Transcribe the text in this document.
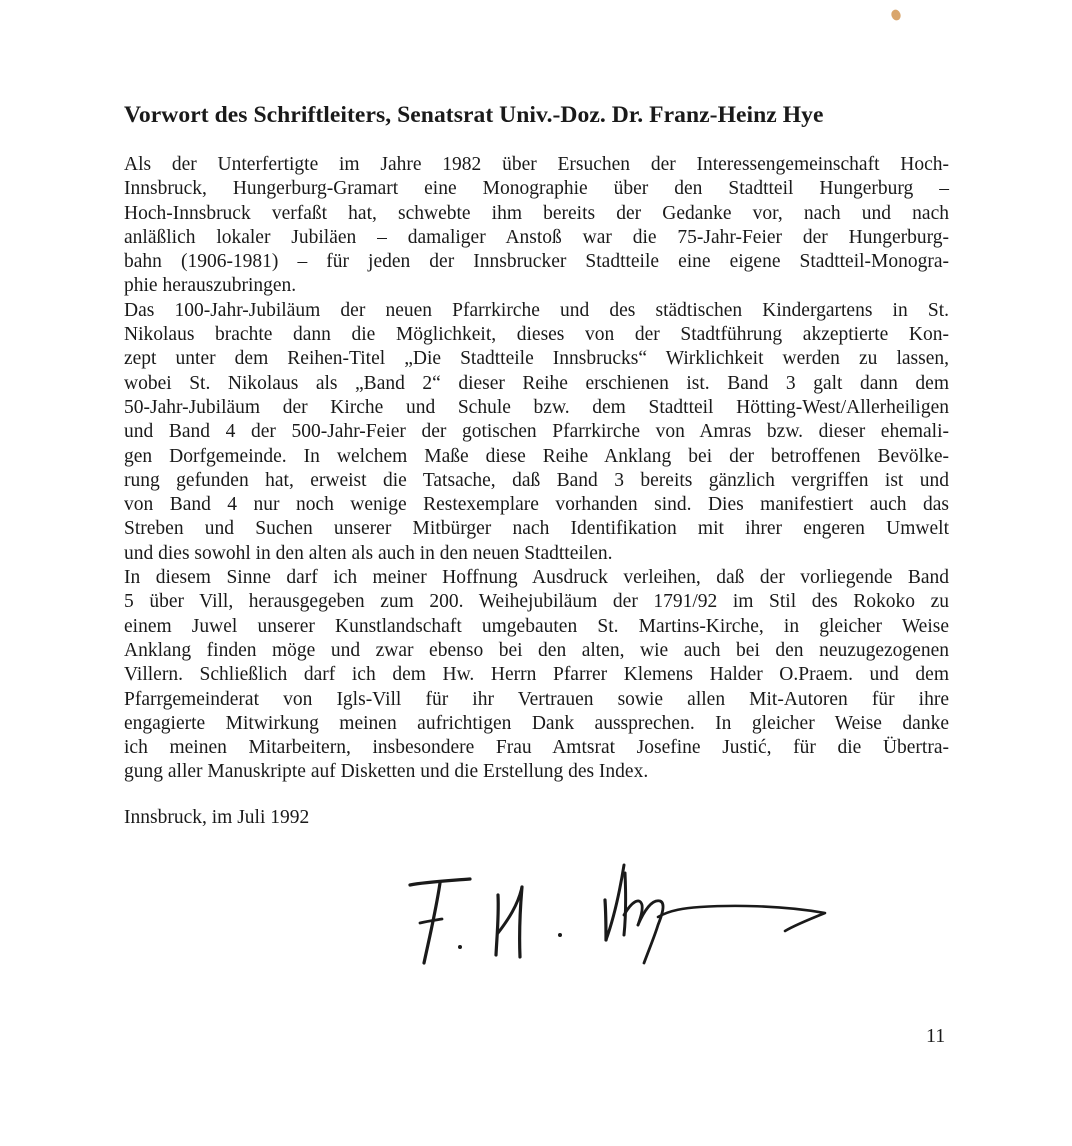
Vorwort des Schriftleiters, Senatsrat Univ.-Doz. Dr. Franz-Heinz Hye
Als der Unterfertigte im Jahre 1982 über Ersuchen der Interessengemeinschaft Hoch-
Innsbruck, Hungerburg-Gramart eine Monographie über den Stadtteil Hungerburg –
Hoch-Innsbruck verfaßt hat, schwebte ihm bereits der Gedanke vor, nach und nach
anläßlich lokaler Jubiläen – damaliger Anstoß war die 75-Jahr-Feier der Hungerburg-
bahn (1906-1981) – für jeden der Innsbrucker Stadtteile eine eigene Stadtteil-Monogra-
phie herauszubringen.
Das 100-Jahr-Jubiläum der neuen Pfarrkirche und des städtischen Kindergartens in St.
Nikolaus brachte dann die Möglichkeit, dieses von der Stadtführung akzeptierte Kon-
zept unter dem Reihen-Titel „Die Stadtteile Innsbrucks“ Wirklichkeit werden zu lassen,
wobei St. Nikolaus als „Band 2“ dieser Reihe erschienen ist. Band 3 galt dann dem
50-Jahr-Jubiläum der Kirche und Schule bzw. dem Stadtteil Hötting-West/Allerheiligen
und Band 4 der 500-Jahr-Feier der gotischen Pfarrkirche von Amras bzw. dieser ehemali-
gen Dorfgemeinde. In welchem Maße diese Reihe Anklang bei der betroffenen Bevölke-
rung gefunden hat, erweist die Tatsache, daß Band 3 bereits gänzlich vergriffen ist und
von Band 4 nur noch wenige Restexemplare vorhanden sind. Dies manifestiert auch das
Streben und Suchen unserer Mitbürger nach Identifikation mit ihrer engeren Umwelt
und dies sowohl in den alten als auch in den neuen Stadtteilen.
In diesem Sinne darf ich meiner Hoffnung Ausdruck verleihen, daß der vorliegende Band
5 über Vill, herausgegeben zum 200. Weihejubiläum der 1791/92 im Stil des Rokoko zu
einem Juwel unserer Kunstlandschaft umgebauten St. Martins-Kirche, in gleicher Weise
Anklang finden möge und zwar ebenso bei den alten, wie auch bei den neuzugezogenen
Villern. Schließlich darf ich dem Hw. Herrn Pfarrer Klemens Halder O.Praem. und dem
Pfarrgemeinderat von Igls-Vill für ihr Vertrauen sowie allen Mit-Autoren für ihre
engagierte Mitwirkung meinen aufrichtigen Dank aussprechen. In gleicher Weise danke
ich meinen Mitarbeitern, insbesondere Frau Amtsrat Josefine Justić, für die Übertra-
gung aller Manuskripte auf Disketten und die Erstellung des Index.
Innsbruck, im Juli 1992
11
